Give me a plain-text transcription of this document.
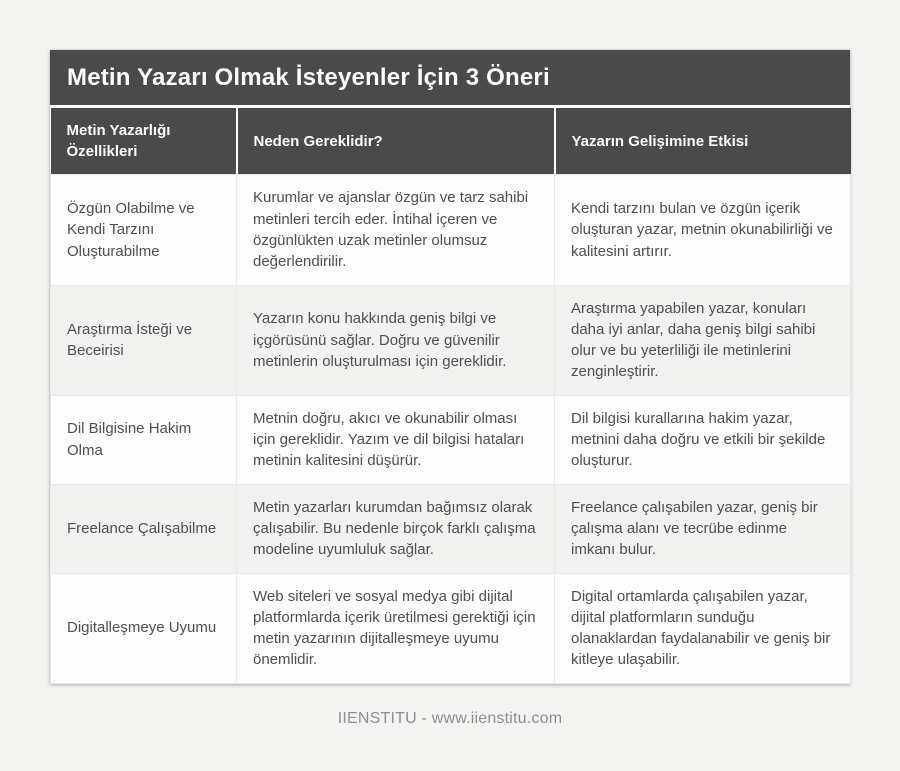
Metin Yazarı Olmak İsteyenler İçin 3 Öneri
Metin Yazarlığı Özellikleri	Neden Gereklidir?	Yazarın Gelişimine Etkisi
Özgün Olabilme ve Kendi Tarzını Oluşturabilme	Kurumlar ve ajanslar özgün ve tarz sahibi metinleri tercih eder. İntihal içeren ve özgünlükten uzak metinler olumsuz değerlendirilir.	Kendi tarzını bulan ve özgün içerik oluşturan yazar, metnin okunabilirliği ve kalitesini artırır.
Araştırma İsteği ve Beceirisi	Yazarın konu hakkında geniş bilgi ve içgörüsünü sağlar. Doğru ve güvenilir metinlerin oluşturulması için gereklidir.	Araştırma yapabilen yazar, konuları daha iyi anlar, daha geniş bilgi sahibi olur ve bu yeterliliği ile metinlerini zenginleştirir.
Dil Bilgisine Hakim Olma	Metnin doğru, akıcı ve okunabilir olması için gereklidir. Yazım ve dil bilgisi hataları metinin kalitesini düşürür.	Dil bilgisi kurallarına hakim yazar, metnini daha doğru ve etkili bir şekilde oluşturur.
Freelance Çalışabilme	Metin yazarları kurumdan bağımsız olarak çalışabilir. Bu nedenle birçok farklı çalışma modeline uyumluluk sağlar.	Freelance çalışabilen yazar, geniş bir çalışma alanı ve tecrübe edinme imkanı bulur.
Digitalleşmeye Uyumu	Web siteleri ve sosyal medya gibi dijital platformlarda içerik üretilmesi gerektiği için metin yazarının dijitalleşmeye uyumu önemlidir.	Digital ortamlarda çalışabilen yazar, dijital platformların sunduğu olanaklardan faydalanabilir ve geniş bir kitleye ulaşabilir.
IIENSTITU - www.iienstitu.com
